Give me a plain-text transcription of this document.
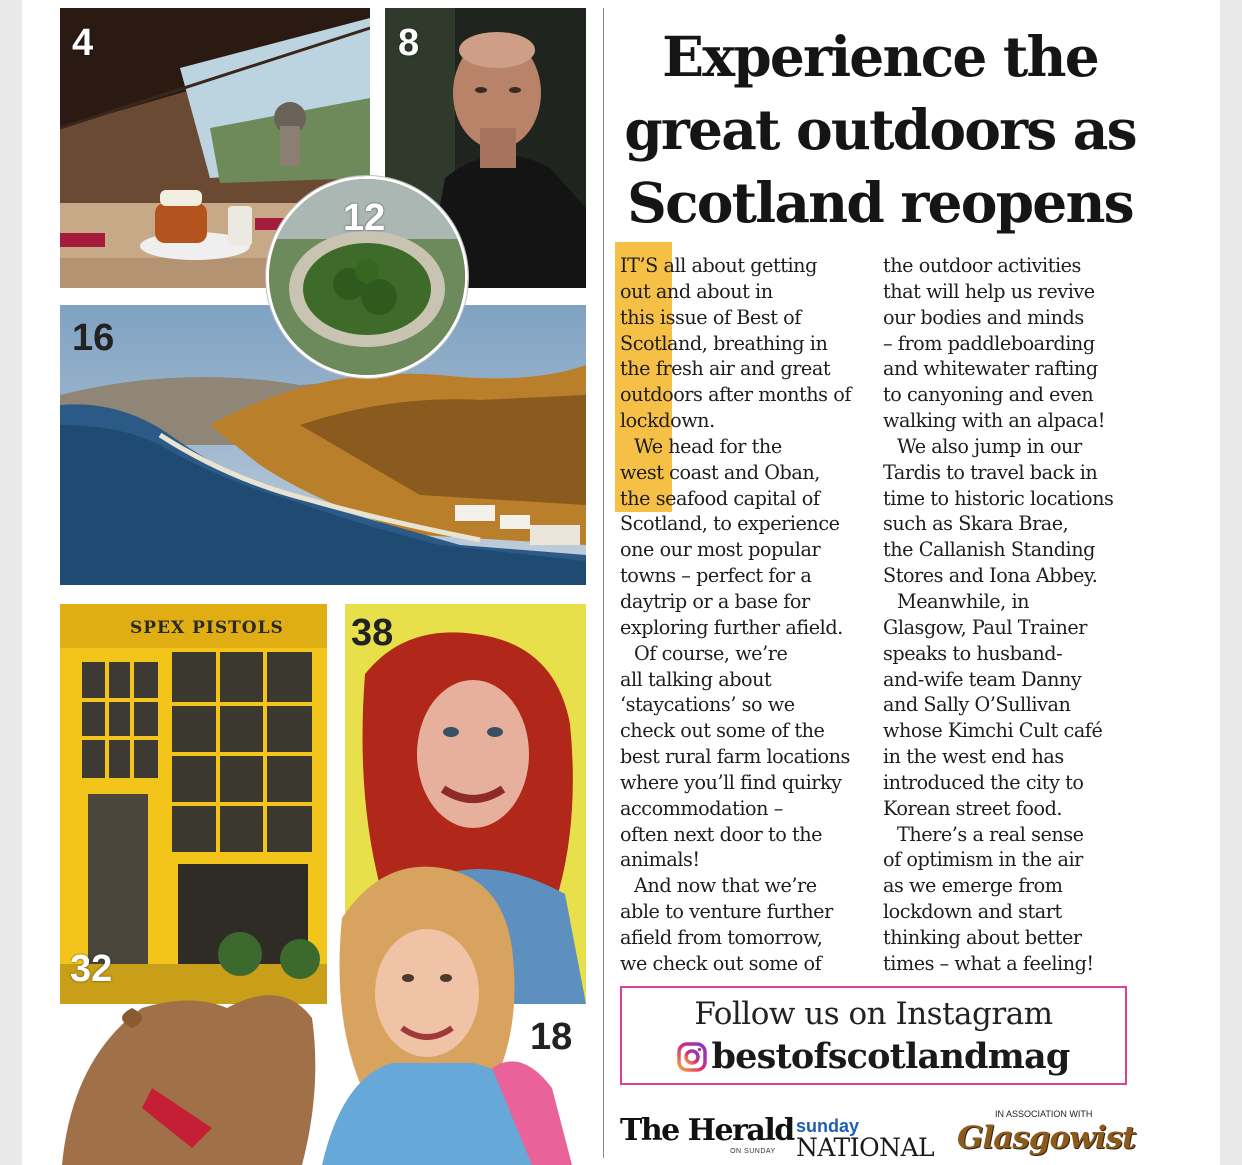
4	8
16
12
SPEX PISTOLS
32
38
18
Experience the
great outdoors as
Scotland reopens
IT’S all about getting
out and about in
this issue of Best of
Scotland, breathing in
the fresh air and great
outdoors after months of
lockdown.
We head for the
west coast and Oban,
the seafood capital of
Scotland, to experience
one our most popular
towns – perfect for a
daytrip or a base for
exploring further afield.
Of course, we’re
all talking about
‘staycations’ so we
check out some of the
best rural farm locations
where you’ll find quirky
accommodation –
often next door to the
animals!
And now that we’re
able to venture further
afield from tomorrow,
we check out some of
the outdoor activities
that will help us revive
our bodies and minds
– from paddleboarding
and whitewater rafting
to canyoning and even
walking with an alpaca!
We also jump in our
Tardis to travel back in
time to historic locations
such as Skara Brae,
the Callanish Standing
Stores and Iona Abbey.
Meanwhile, in
Glasgow, Paul Trainer
speaks to husband-
and-wife team Danny
and Sally O’Sullivan
whose Kimchi Cult café
in the west end has
introduced the city to
Korean street food.
There’s a real sense
of optimism in the air
as we emerge from
lockdown and start
thinking about better
times – what a feeling!
Follow us on Instagram
bestofscotlandmag
The Herald
ON SUNDAY
sunday
NATIONAL
IN ASSOCIATION WITH
Glasgowist
